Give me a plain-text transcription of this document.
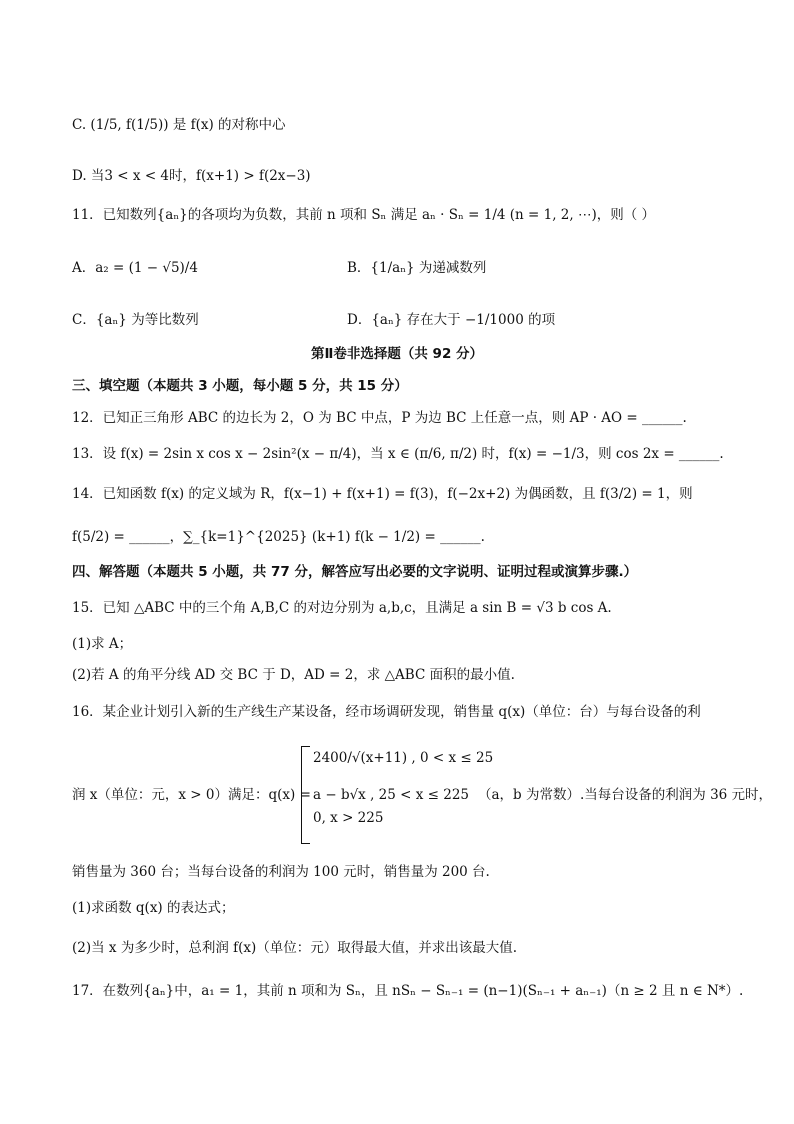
C. (1/5, f(1/5)) 是 f(x) 的对称中心
D. 当3 < x < 4时，f(x+1) > f(2x−3)
11．已知数列{aₙ}的各项均为负数，其前 n 项和 Sₙ 满足 aₙ · Sₙ = 1/4 (n = 1, 2, ⋯)，则（ ）
A．a₂ = (1 − √5)/4	B．{1/aₙ} 为递减数列
C．{aₙ} 为等比数列	D．{aₙ} 存在大于 −1/1000 的项
第Ⅱ卷非选择题（共 92 分）
三、填空题（本题共 3 小题，每小题 5 分，共 15 分）
12．已知正三角形 ABC 的边长为 2，O 为 BC 中点，P 为边 BC 上任意一点，则 AP · AO = ______.
13．设 f(x) = 2sin x cos x − 2sin²(x − π/4)，当 x ∈ (π/6, π/2) 时，f(x) = −1/3，则 cos 2x = ______.
14．已知函数 f(x) 的定义域为 R，f(x−1) + f(x+1) = f(3)，f(−2x+2) 为偶函数，且 f(3/2) = 1，则
f(5/2) = ______，∑_{k=1}^{2025} (k+1) f(k − 1/2) = ______.
四、解答题（本题共 5 小题，共 77 分，解答应写出必要的文字说明、证明过程或演算步骤.）
15．已知 △ABC 中的三个角 A,B,C 的对边分别为 a,b,c，且满足 a sin B = √3 b cos A.
(1)求 A；
(2)若 A 的角平分线 AD 交 BC 于 D，AD = 2，求 △ABC 面积的最小值.
16．某企业计划引入新的生产线生产某设备，经市场调研发现，销售量 q(x)（单位：台）与每台设备的利
润 x（单位：元，x > 0）满足：q(x) =
2400/√(x+11) , 0 < x ≤ 25
a − b√x , 25 < x ≤ 225
0, x > 225
（a，b 为常数）.当每台设备的利润为 36 元时，
销售量为 360 台；当每台设备的利润为 100 元时，销售量为 200 台.
(1)求函数 q(x) 的表达式；
(2)当 x 为多少时，总利润 f(x)（单位：元）取得最大值，并求出该最大值.
17．在数列{aₙ}中，a₁ = 1，其前 n 项和为 Sₙ，且 nSₙ − Sₙ₋₁ = (n−1)(Sₙ₋₁ + aₙ₋₁)（n ≥ 2 且 n ∈ N*）.
